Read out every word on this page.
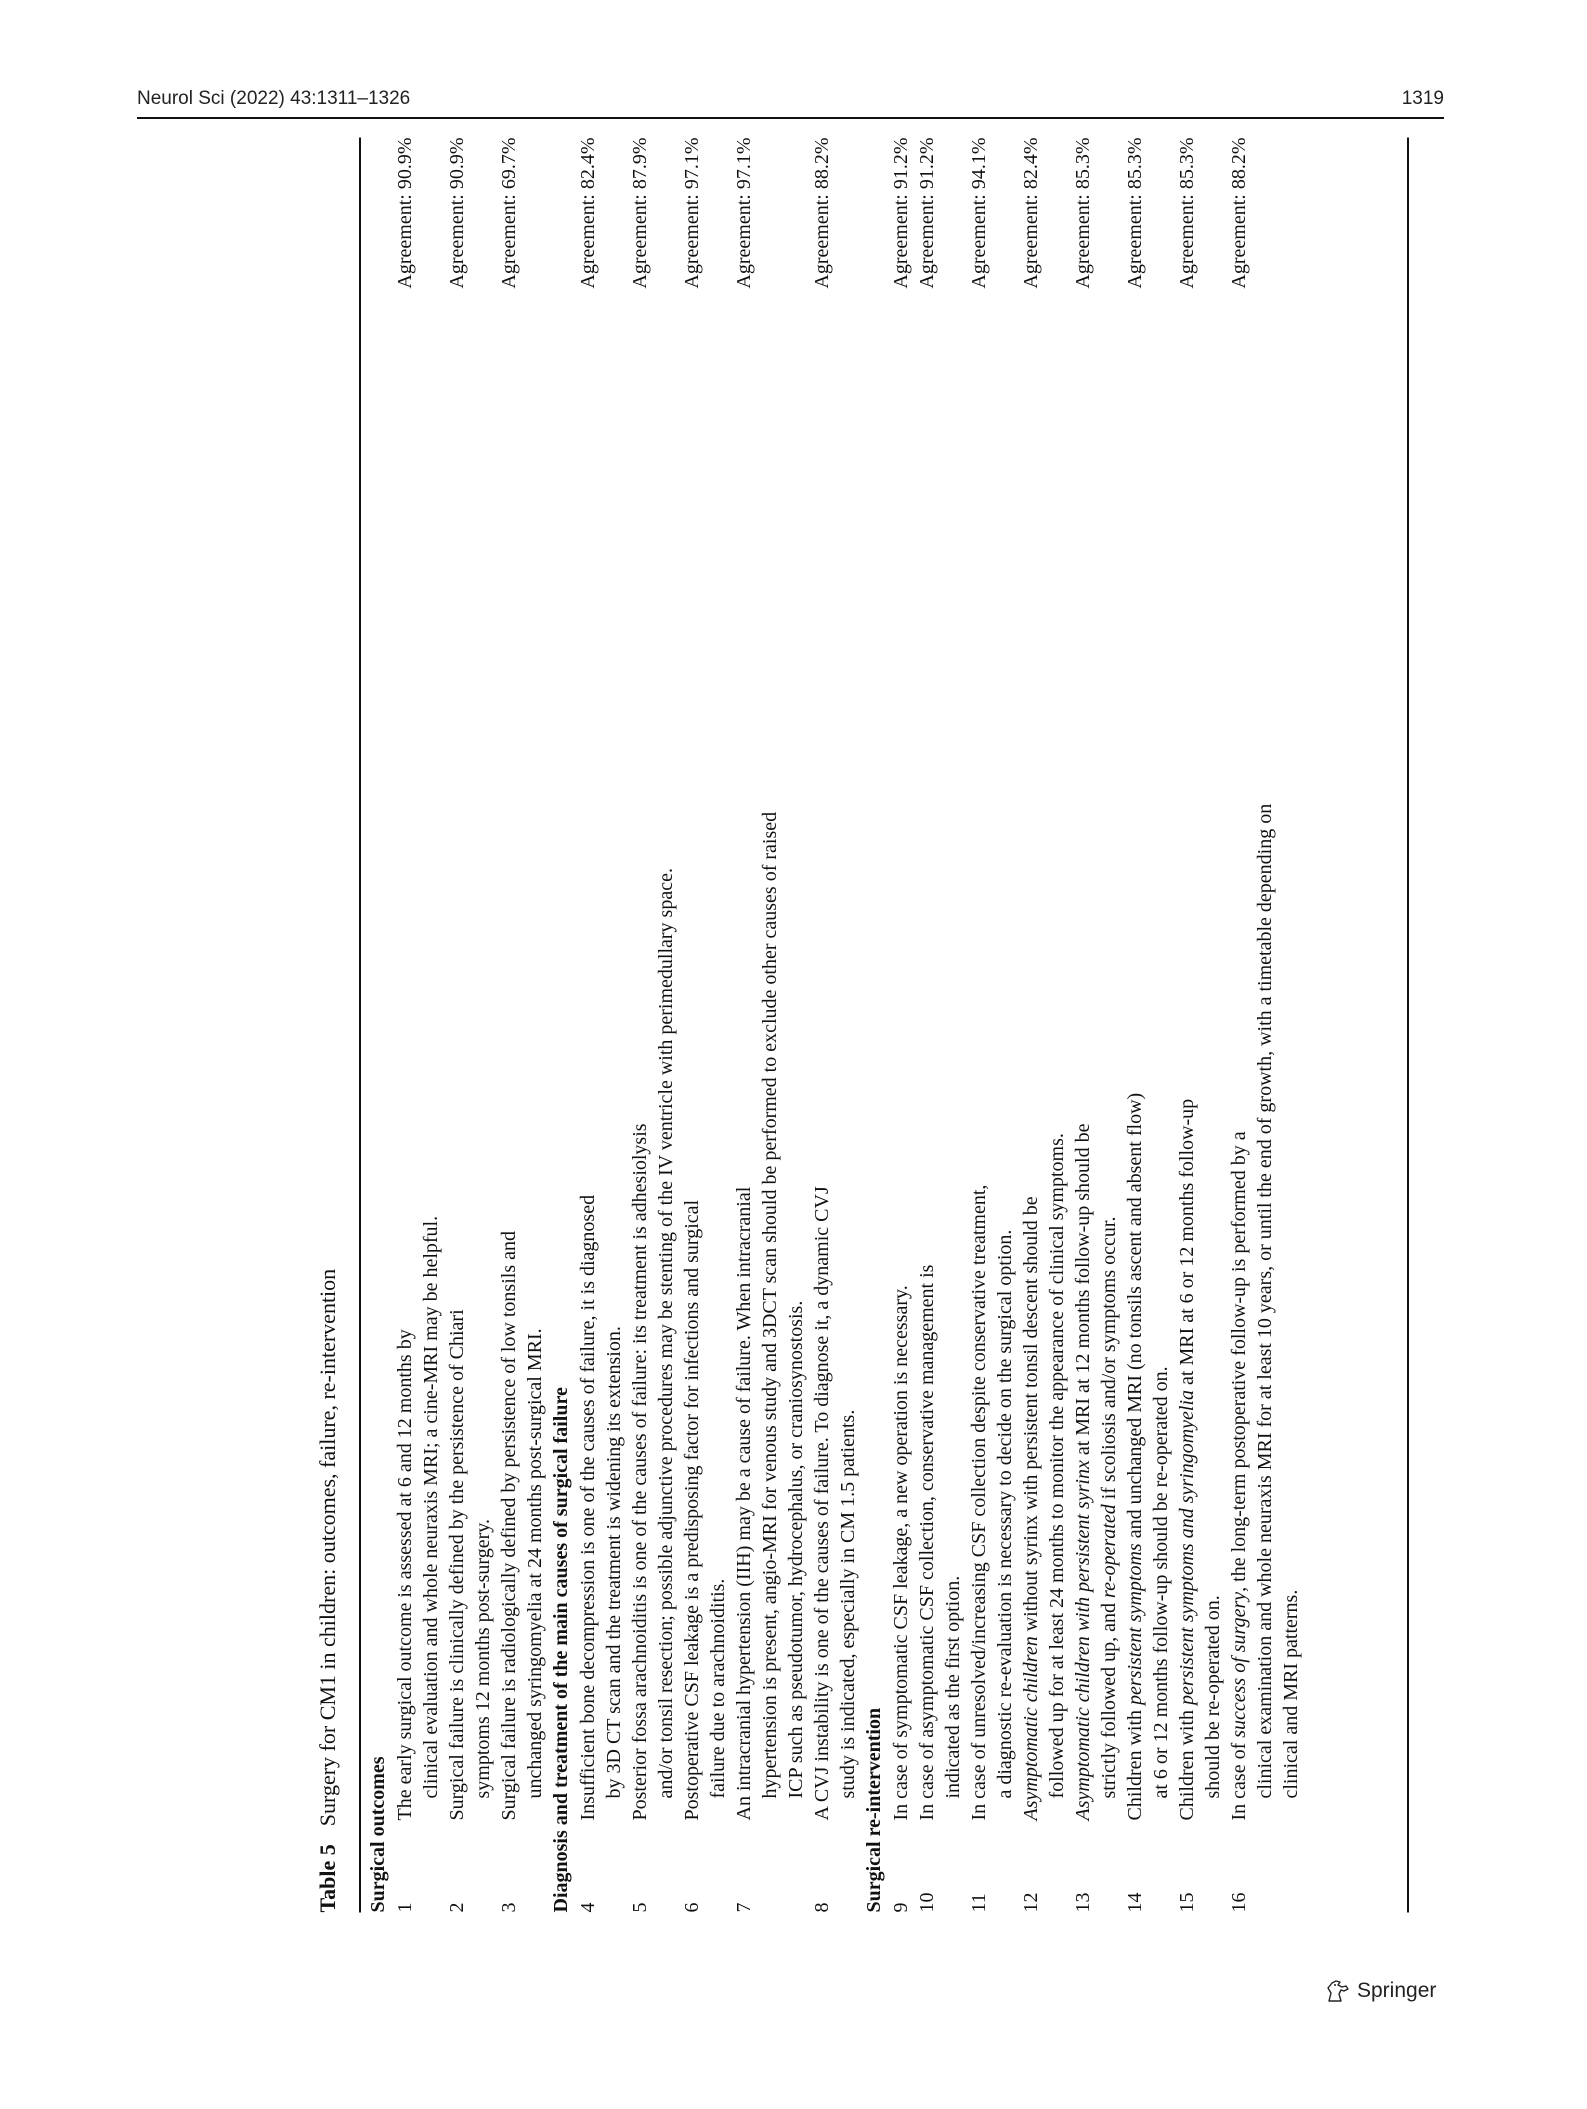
Neurol Sci (2022) 43:1311–1326	1319
Table 5Surgery for CM1 in children: outcomes, failure, re-intervention
Surgical outcomes 1
The early surgical outcome is assessed at 6 and 12 months by clinical evaluation and whole neuraxis MRI; a cine-MRI may be helpful.
Agreement: 90.9%
2
Surgical failure is clinically defined by the persistence of Chiari symptoms 12 months post-surgery.
Agreement: 90.9%
3
Surgical failure is radiologically defined by persistence of low tonsils and unchanged syringomyelia at 24 months post-surgical MRI.
Agreement: 69.7%
Diagnosis and treatment of the main causes of surgical failure 4
Insufficient bone decompression is one of the causes of failure, it is diagnosed by 3D CT scan and the treatment is widening its extension.
Agreement: 82.4%
5
Posterior fossa arachnoiditis is one of the causes of failure: its treatment is adhesiolysis and/or tonsil resection; possible adjunctive procedures may be stenting of the IV ventricle with perimedullary space.
Agreement: 87.9%
6
Postoperative CSF leakage is a predisposing factor for infections and surgical failure due to arachnoiditis.
Agreement: 97.1%
7
An intracranial hypertension (IIH) may be a cause of failure. When intracranial hypertension is present, angio-MRI for venous study and 3DCT scan should be performed to exclude other causes of raised ICP such as pseudotumor, hydrocephalus, or craniosynostosis.
Agreement: 97.1%
8
A CVJ instability is one of the causes of failure. To diagnose it, a dynamic CVJ study is indicated, especially in CM 1.5 patients.
Agreement: 88.2%
Surgical re-intervention 9
In case of symptomatic CSF leakage, a new operation is necessary.
Agreement: 91.2%
10
In case of asymptomatic CSF collection, conservative management is indicated as the first option.
Agreement: 91.2%
11
In case of unresolved/increasing CSF collection despite conservative treatment, a diagnostic re-evaluation is necessary to decide on the surgical option.
Agreement: 94.1%
12
Asymptomatic children without syrinx with persistent tonsil descent should be followed up for at least 24 months to monitor the appearance of clinical symptoms.
Agreement: 82.4%
13
Asymptomatic children with persistent syrinx at MRI at 12 months follow-up should be
strictly followed up, and re-operated if scoliosis and/or symptoms occur.
Agreement: 85.3%
14
Children with persistent symptoms and unchanged MRI (no tonsils ascent and absent flow)
at 6 or 12 months follow-up should be re-operated on.
Agreement: 85.3%
15
Children with persistent symptoms and syringomyelia at MRI at 6 or 12 months follow-up
should be re-operated on.
Agreement: 85.3%
16
In case of success of surgery, the long-term postoperative follow-up is performed by a clinical examination and whole neuraxis MRI for at least 10 years, or until the end of growth, with a timetable depending on clinical and MRI patterns.
Agreement: 88.2%
Springer
